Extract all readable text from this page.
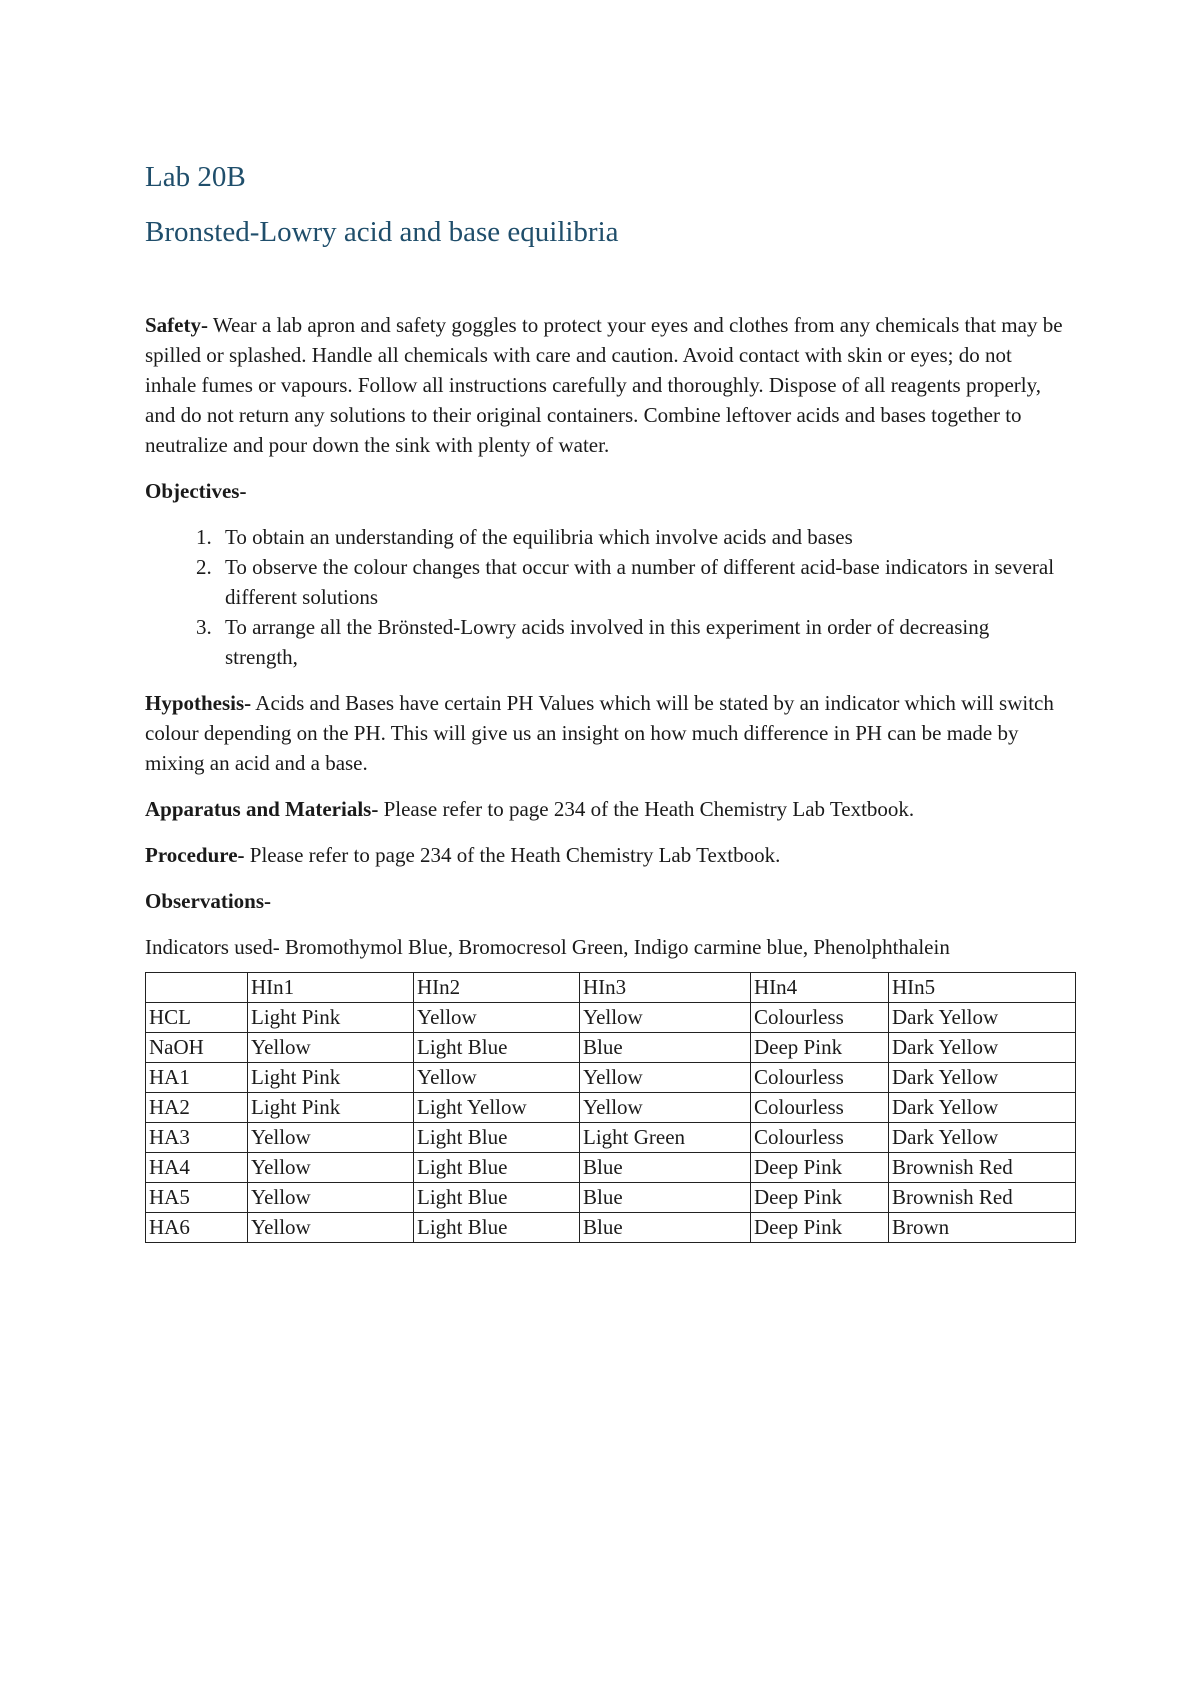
Lab 20B
Bronsted-Lowry acid and base equilibria

Safety- Wear a lab apron and safety goggles to protect your eyes and clothes from any chemicals that may be spilled or splashed. Handle all chemicals with care and caution. Avoid contact with skin or eyes; do not inhale fumes or vapours. Follow all instructions carefully and thoroughly. Dispose of all reagents properly, and do not return any solutions to their original containers. Combine leftover acids and bases together to neutralize and pour down the sink with plenty of water.

Objectives-

1. To obtain an understanding of the equilibria which involve acids and bases
2. To observe the colour changes that occur with a number of different acid-base indicators in several different solutions
3. To arrange all the Brönsted-Lowry acids involved in this experiment in order of decreasing strength,

Hypothesis- Acids and Bases have certain PH Values which will be stated by an indicator which will switch colour depending on the PH. This will give us an insight on how much difference in PH can be made by mixing an acid and a base.

Apparatus and Materials- Please refer to page 234 of the Heath Chemistry Lab Textbook.

Procedure- Please refer to page 234 of the Heath Chemistry Lab Textbook.

Observations-

Indicators used- Bromothymol Blue, Bromocresol Green, Indigo carmine blue, Phenolphthalein

	HIn1	HIn2	HIn3	HIn4	HIn5
HCL	Light Pink	Yellow	Yellow	Colourless	Dark Yellow
NaOH	Yellow	Light Blue	Blue	Deep Pink	Dark Yellow
HA1	Light Pink	Yellow	Yellow	Colourless	Dark Yellow
HA2	Light Pink	Light Yellow	Yellow	Colourless	Dark Yellow
HA3	Yellow	Light Blue	Light Green	Colourless	Dark Yellow
HA4	Yellow	Light Blue	Blue	Deep Pink	Brownish Red
HA5	Yellow	Light Blue	Blue	Deep Pink	Brownish Red
HA6	Yellow	Light Blue	Blue	Deep Pink	Brown
